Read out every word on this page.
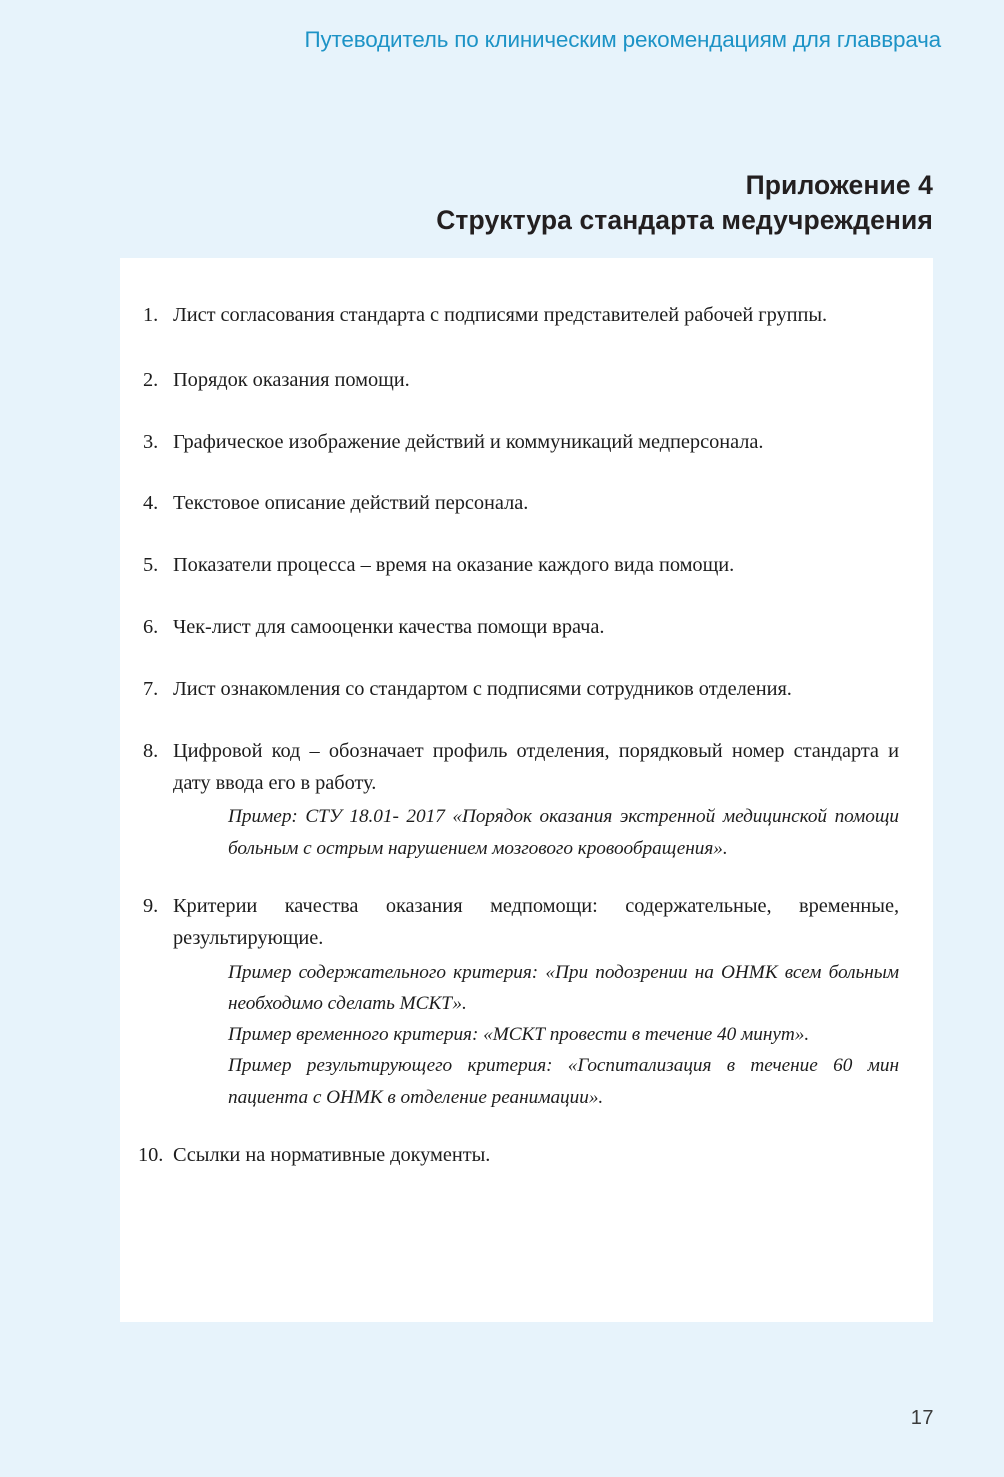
Путеводитель по клиническим рекомендациям для главврача
Приложение 4
Структура стандарта медучреждения
1. Лист согласования стандарта с подписями представителей рабочей группы.
2. Порядок оказания помощи.
3. Графическое изображение действий и коммуникаций медперсонала.
4. Текстовое описание действий персонала.
5. Показатели процесса – время на оказание каждого вида помощи.
6. Чек-лист для самооценки качества помощи врача.
7. Лист ознакомления со стандартом с подписями сотрудников отделения.
8. Цифровой код – обозначает профиль отделения, порядковый номер стандарта и дату ввода его в работу.
Пример: СТУ 18.01- 2017 «Порядок оказания экстренной медицинской помощи больным с острым нарушением мозгового кровообращения».
9. Критерии качества оказания медпомощи: содержательные, временные, результирующие.
Пример содержательного критерия: «При подозрении на ОНМК всем больным необходимо сделать МСКТ».
Пример временного критерия: «МСКТ провести в течение 40 минут».
Пример результирующего критерия: «Госпитализация в течение 60 мин пациента с ОНМК в отделение реанимации».
10. Ссылки на нормативные документы.
17
